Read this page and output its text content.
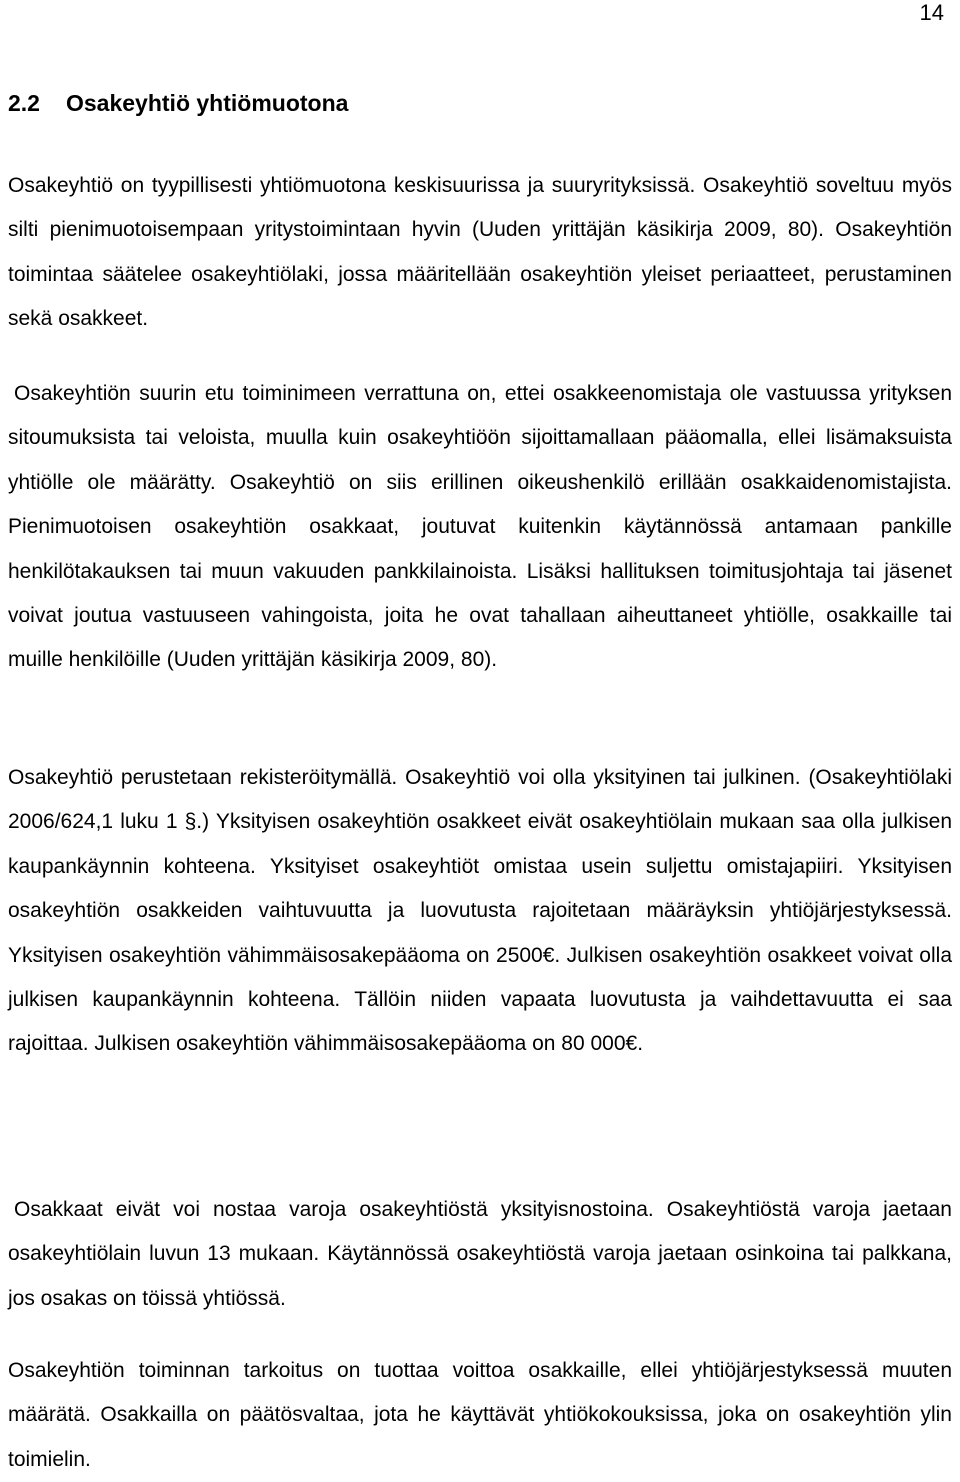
14
2.2 Osakeyhtiö yhtiömuotona

Osakeyhtiö on tyypillisesti yhtiömuotona keskisuurissa ja suuryrityksissä. Osakeyhtiö soveltuu myös silti pienimuotoisempaan yritystoimintaan hyvin (Uuden yrittäjän käsikirja 2009, 80). Osakeyhtiön toimintaa säätelee osakeyhtiölaki, jossa määritellään osakeyhtiön yleiset periaatteet, perustaminen sekä osakkeet.

Osakeyhtiön suurin etu toiminimeen verrattuna on, ettei osakkeenomistaja ole vastuussa yrityksen sitoumuksista tai veloista, muulla kuin osakeyhtiöön sijoittamallaan pääomalla, ellei lisämaksuista yhtiölle ole määrätty. Osakeyhtiö on siis erillinen oikeushenkilö erillään osakkaidenomistajista. Pienimuotoisen osakeyhtiön osakkaat, joutuvat kuitenkin käytännössä antamaan pankille henkilötakauksen tai muun vakuuden pankkilainoista. Lisäksi hallituksen toimitusjohtaja tai jäsenet voivat joutua vastuuseen vahingoista, joita he ovat tahallaan aiheuttaneet yhtiölle, osakkaille tai muille henkilöille (Uuden yrittäjän käsikirja 2009, 80).

Osakeyhtiö perustetaan rekisteröitymällä. Osakeyhtiö voi olla yksityinen tai julkinen. (Osakeyhtiölaki 2006/624,1 luku 1 §.) Yksityisen osakeyhtiön osakkeet eivät osakeyhtiölain mukaan saa olla julkisen kaupankäynnin kohteena. Yksityiset osakeyhtiöt omistaa usein suljettu omistajapiiri. Yksityisen osakeyhtiön osakkeiden vaihtuvuutta ja luovutusta rajoitetaan määräyksin yhtiöjärjestyksessä. Yksityisen osakeyhtiön vähimmäisosakepääoma on 2500€. Julkisen osakeyhtiön osakkeet voivat olla julkisen kaupankäynnin kohteena. Tällöin niiden vapaata luovutusta ja vaihdettavuutta ei saa rajoittaa. Julkisen osakeyhtiön vähimmäisosakepääoma on 80 000€.

Osakkaat eivät voi nostaa varoja osakeyhtiöstä yksityisnostoina. Osakeyhtiöstä varoja jaetaan osakeyhtiölain luvun 13 mukaan. Käytännössä osakeyhtiöstä varoja jaetaan osinkoina tai palkkana, jos osakas on töissä yhtiössä.

Osakeyhtiön toiminnan tarkoitus on tuottaa voittoa osakkaille, ellei yhtiöjärjestyksessä muuten määrätä. Osakkailla on päätösvaltaa, jota he käyttävät yhtiökokouksissa, joka on osakeyhtiön ylin toimielin.
